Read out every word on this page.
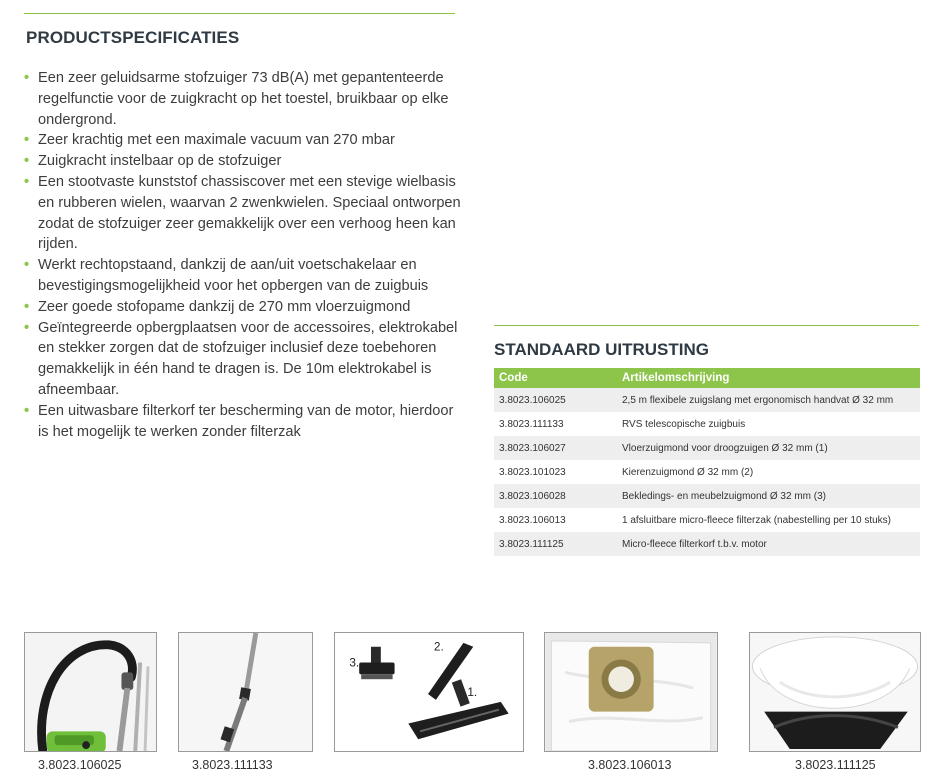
PRODUCTSPECIFICATIES
• Een zeer geluidsarme stofzuiger 73 dB(A) met gepantenteerde regelfunctie voor de zuigkracht op het toestel, bruikbaar op elke ondergrond.
• Zeer krachtig met een maximale vacuum van 270 mbar
• Zuigkracht instelbaar op de stofzuiger
• Een stootvaste kunststof chassiscover met een stevige wielbasis en rubberen wielen, waarvan 2 zwenkwielen. Speciaal ontworpen zodat de stofzuiger zeer gemakkelijk over een verhoog heen kan rijden.
• Werkt rechtopstaand, dankzij de aan/uit voetschakelaar en bevestigingsmogelijkheid voor het opbergen van de zuigbuis
• Zeer goede stofopame dankzij de 270 mm vloerzuigmond
• Geïntegreerde opbergplaatsen voor de accessoires, elektrokabel en stekker zorgen dat de stofzuiger inclusief deze toebehoren gemakkelijk in één hand te dragen is. De 10m elektrokabel is afneembaar.
• Een uitwasbare filterkorf ter bescherming van de motor, hierdoor is het mogelijk te werken zonder filterzak
STANDAARD UITRUSTING
Code	Artikelomschrijving
3.8023.106025	2,5 m flexibele zuigslang met ergonomisch handvat Ø 32 mm
3.8023.111133	RVS telescopische zuigbuis
3.8023.106027	Vloerzuigmond voor droogzuigen Ø 32 mm (1)
3.8023.101023	Kierenzuigmond Ø 32 mm (2)
3.8023.106028	Bekledings- en meubelzuigmond Ø 32 mm (3)
3.8023.106013	1 afsluitbare micro-fleece filterzak (nabestelling per 10 stuks)
3.8023.111125	Micro-fleece filterkorf t.b.v. motor
3.8023.106025	3.8023.111133
3.
2.
1.
3.8023.106013	3.8023.111125
